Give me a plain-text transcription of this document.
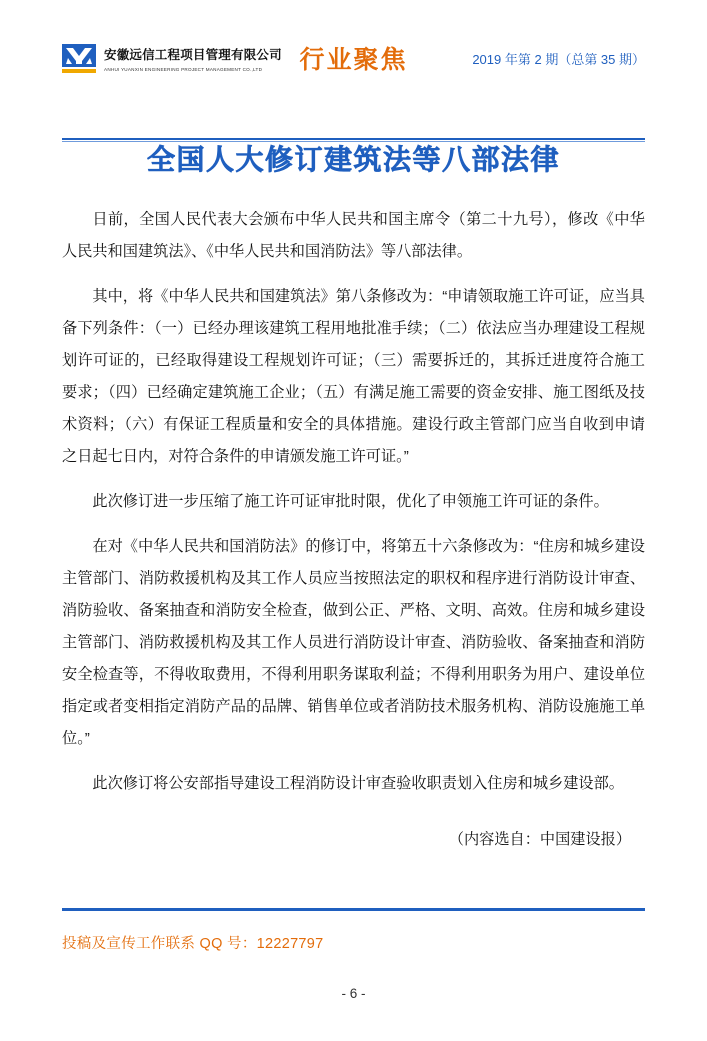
安徽远信工程项目管理有限公司
ANHUI YUANXIN ENGINEERING PROJECT MANAGEMENT CO.,LTD	行业聚焦	2019 年第 2 期（总第 35 期）
全国人大修订建筑法等八部法律

日前，全国人民代表大会颁布中华人民共和国主席令（第二十九号），修改《中华人民共和国建筑法》、《中华人民共和国消防法》等八部法律。

其中，将《中华人民共和国建筑法》第八条修改为：“申请领取施工许可证，应当具备下列条件：（一）已经办理该建筑工程用地批准手续；（二）依法应当办理建设工程规划许可证的，已经取得建设工程规划许可证；（三）需要拆迁的，其拆迁进度符合施工要求；（四）已经确定建筑施工企业；（五）有满足施工需要的资金安排、施工图纸及技术资料；（六）有保证工程质量和安全的具体措施。建设行政主管部门应当自收到申请之日起七日内，对符合条件的申请颁发施工许可证。”

此次修订进一步压缩了施工许可证审批时限，优化了申领施工许可证的条件。

在对《中华人民共和国消防法》的修订中，将第五十六条修改为：“住房和城乡建设主管部门、消防救援机构及其工作人员应当按照法定的职权和程序进行消防设计审查、消防验收、备案抽查和消防安全检查，做到公正、严格、文明、高效。住房和城乡建设主管部门、消防救援机构及其工作人员进行消防设计审查、消防验收、备案抽查和消防安全检查等，不得收取费用，不得利用职务谋取利益；不得利用职务为用户、建设单位指定或者变相指定消防产品的品牌、销售单位或者消防技术服务机构、消防设施施工单位。”

此次修订将公安部指导建设工程消防设计审查验收职责划入住房和城乡建设部。

（内容选自：中国建设报）
投稿及宣传工作联系 QQ 号：12227797
- 6 -
